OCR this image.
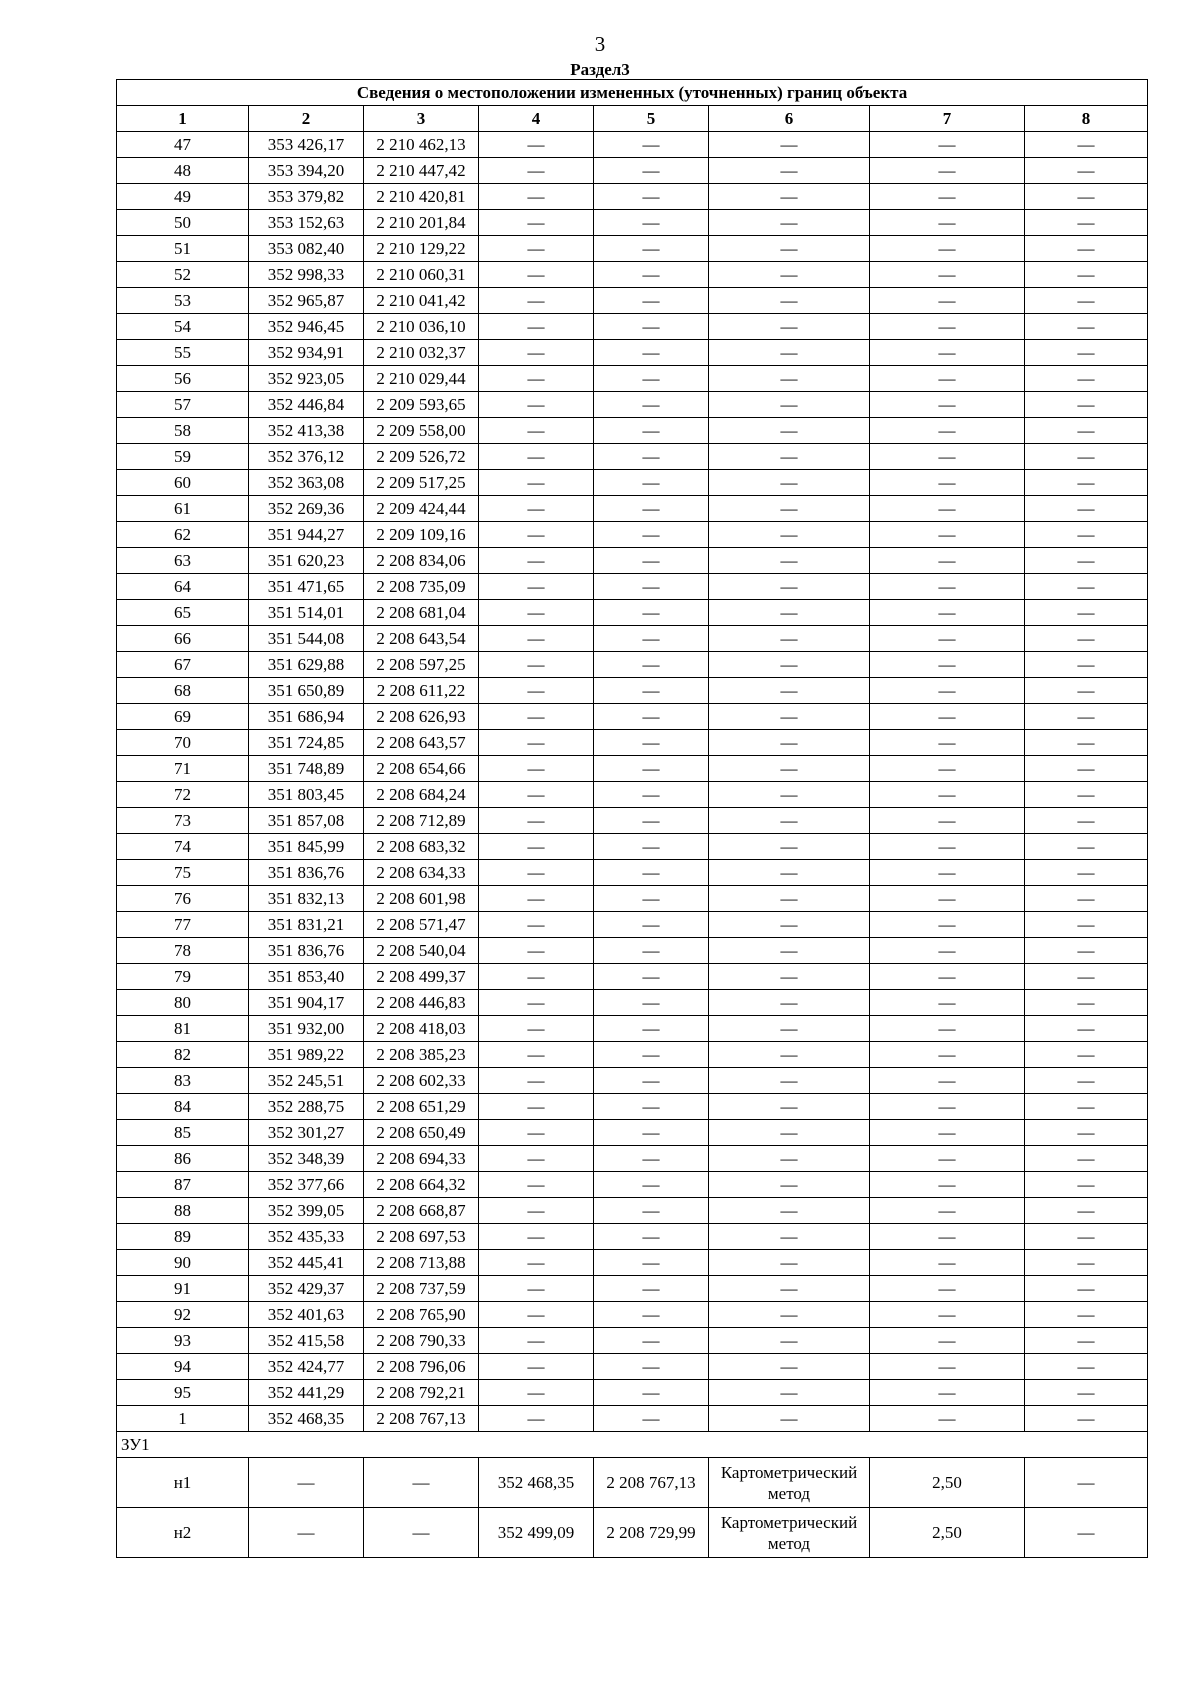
3
Раздел3
Сведения о местоположении измененных (уточненных) границ объекта							
1	2	3	4	5	6	7	8
47	353 426,17	2 210 462,13	—	—	—	—	—
48	353 394,20	2 210 447,42	—	—	—	—	—
49	353 379,82	2 210 420,81	—	—	—	—	—
50	353 152,63	2 210 201,84	—	—	—	—	—
51	353 082,40	2 210 129,22	—	—	—	—	—
52	352 998,33	2 210 060,31	—	—	—	—	—
53	352 965,87	2 210 041,42	—	—	—	—	—
54	352 946,45	2 210 036,10	—	—	—	—	—
55	352 934,91	2 210 032,37	—	—	—	—	—
56	352 923,05	2 210 029,44	—	—	—	—	—
57	352 446,84	2 209 593,65	—	—	—	—	—
58	352 413,38	2 209 558,00	—	—	—	—	—
59	352 376,12	2 209 526,72	—	—	—	—	—
60	352 363,08	2 209 517,25	—	—	—	—	—
61	352 269,36	2 209 424,44	—	—	—	—	—
62	351 944,27	2 209 109,16	—	—	—	—	—
63	351 620,23	2 208 834,06	—	—	—	—	—
64	351 471,65	2 208 735,09	—	—	—	—	—
65	351 514,01	2 208 681,04	—	—	—	—	—
66	351 544,08	2 208 643,54	—	—	—	—	—
67	351 629,88	2 208 597,25	—	—	—	—	—
68	351 650,89	2 208 611,22	—	—	—	—	—
69	351 686,94	2 208 626,93	—	—	—	—	—
70	351 724,85	2 208 643,57	—	—	—	—	—
71	351 748,89	2 208 654,66	—	—	—	—	—
72	351 803,45	2 208 684,24	—	—	—	—	—
73	351 857,08	2 208 712,89	—	—	—	—	—
74	351 845,99	2 208 683,32	—	—	—	—	—
75	351 836,76	2 208 634,33	—	—	—	—	—
76	351 832,13	2 208 601,98	—	—	—	—	—
77	351 831,21	2 208 571,47	—	—	—	—	—
78	351 836,76	2 208 540,04	—	—	—	—	—
79	351 853,40	2 208 499,37	—	—	—	—	—
80	351 904,17	2 208 446,83	—	—	—	—	—
81	351 932,00	2 208 418,03	—	—	—	—	—
82	351 989,22	2 208 385,23	—	—	—	—	—
83	352 245,51	2 208 602,33	—	—	—	—	—
84	352 288,75	2 208 651,29	—	—	—	—	—
85	352 301,27	2 208 650,49	—	—	—	—	—
86	352 348,39	2 208 694,33	—	—	—	—	—
87	352 377,66	2 208 664,32	—	—	—	—	—
88	352 399,05	2 208 668,87	—	—	—	—	—
89	352 435,33	2 208 697,53	—	—	—	—	—
90	352 445,41	2 208 713,88	—	—	—	—	—
91	352 429,37	2 208 737,59	—	—	—	—	—
92	352 401,63	2 208 765,90	—	—	—	—	—
93	352 415,58	2 208 790,33	—	—	—	—	—
94	352 424,77	2 208 796,06	—	—	—	—	—
95	352 441,29	2 208 792,21	—	—	—	—	—
1	352 468,35	2 208 767,13	—	—	—	—	—
ЗУ1							
н1	—	—	352 468,35	2 208 767,13	Картометрический метод	2,50	—
н2	—	—	352 499,09	2 208 729,99	Картометрический метод	2,50	—
